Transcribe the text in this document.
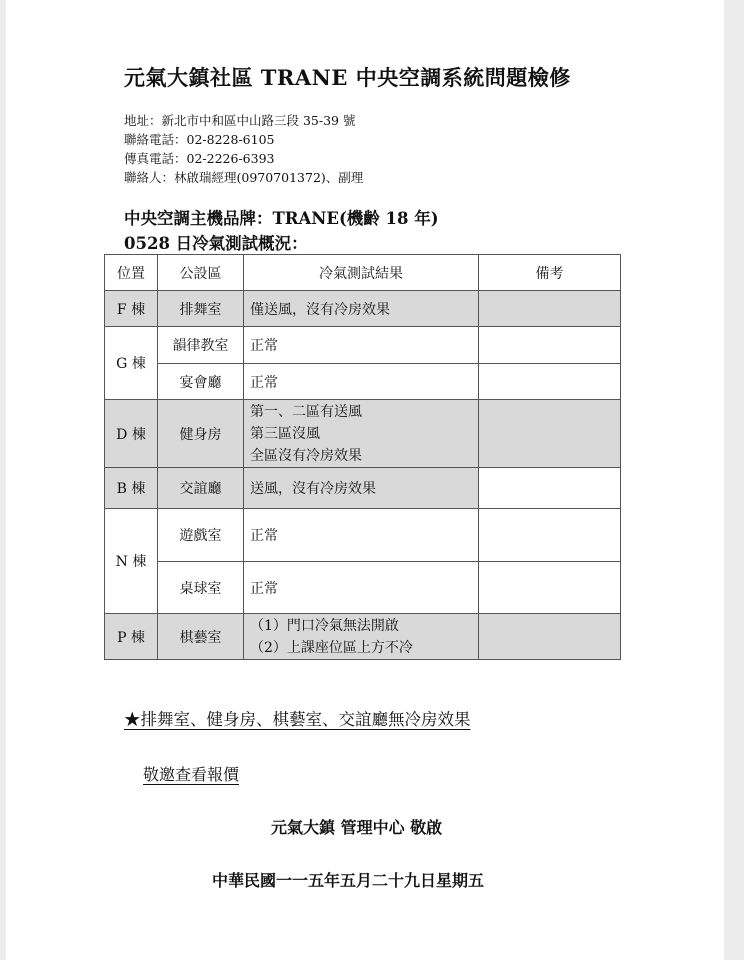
元氣大鎮社區 TRANE 中央空調系統問題檢修
地址：新北市中和區中山路三段 35-39 號
聯絡電話：02-8228-6105
傳真電話：02-2226-6393
聯絡人：林啟瑞經理(0970701372)、副理
中央空調主機品牌：TRANE(機齡 18 年)
0528 日冷氣測試概況：
位置	公設區	冷氣測試結果	備考
F 棟	排舞室	僅送風，沒有冷房效果	
G 棟	韻律教室	正常	
	宴會廳	正常	
D 棟	健身房	第一、二區有送風
第三區沒風
全區沒有冷房效果	

B 棟	交誼廳	送風，沒有冷房效果	
N 棟	遊戲室	正常	
	桌球室	正常	
P 棟	棋藝室	（1）門口冷氣無法開啟
（2）上課座位區上方不冷	

★排舞室、健身房、棋藝室、交誼廳無冷房效果
敬邀查看報價
元氣大鎮 管理中心 敬啟
中華民國一一五年五月二十九日星期五
